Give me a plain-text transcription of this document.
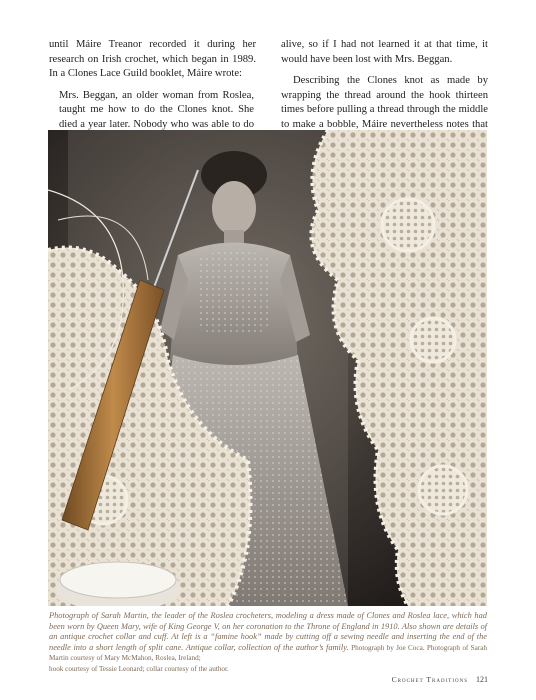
until Máire Treanor recorded it during her research on Irish crochet, which began in 1989. In a Clones Lace Guild booklet, Máire wrote:

Mrs. Beggan, an older woman from Roslea, taught me how to do the Clones knot. She died a year later. Nobody who was able to do

alive, so if I had not learned it at that time, it would have been lost with Mrs. Beggan.

Describing the Clones knot as made by wrapping the thread around the hook thirteen times before pulling a thread through the middle to make a bobble, Máire nevertheless notes that

Photograph of Sarah Martin, the leader of the Roslea crocheters, modeling a dress made of Clones and Roslea lace, which had been worn by Queen Mary, wife of King George V, on her coronation to the Throne of England in 1910. Also shown are details of an antique crochet collar and cuff. At left is a “famine hook” made by cutting off a sewing needle and inserting the end of the needle into a short length of split cane. Antique collar, collection of the author’s family. Photograph by Joe Coca. Photograph of Sarah Martin courtesy of Mary McMahon, Roslea, Ireland;
hook courtesy of Tessie Leonard; collar courtesy of the author.
Crochet Traditions 121
